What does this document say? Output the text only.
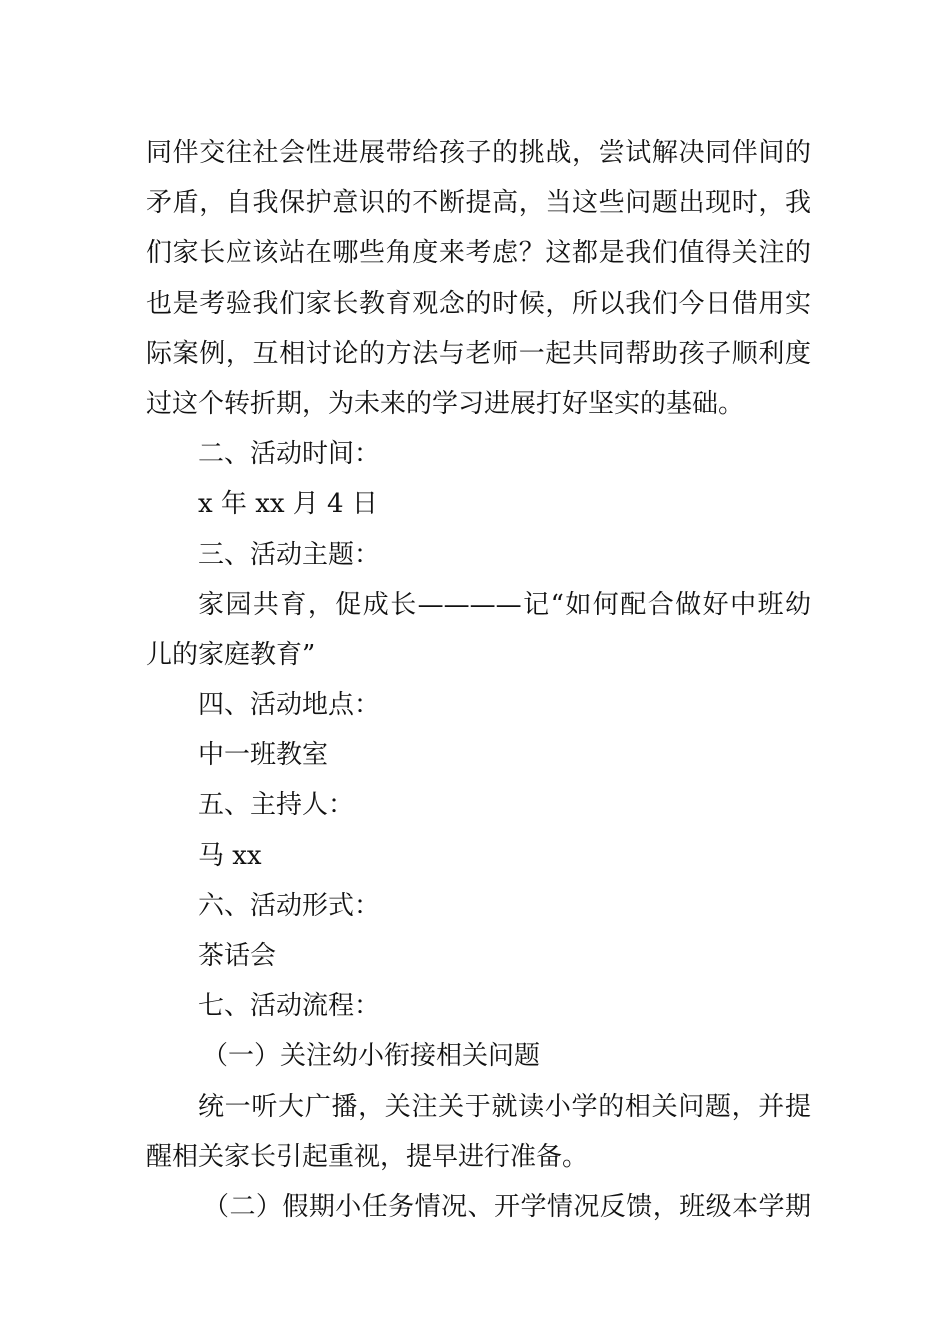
同伴交往社会性进展带给孩子的挑战，尝试解决同伴间的
矛盾，自我保护意识的不断提高，当这些问题出现时，我
们家长应该站在哪些角度来考虑？这都是我们值得关注的
也是考验我们家长教育观念的时候，所以我们今日借用实
际案例，互相讨论的方法与老师一起共同帮助孩子顺利度
过这个转折期，为未来的学习进展打好坚实的基础。
二、活动时间：
x 年 xx 月 4 日
三、活动主题：
家园共育，促成长————记“如何配合做好中班幼
儿的家庭教育”
四、活动地点：
中一班教室
五、主持人：
马 xx
六、活动形式：
茶话会
七、活动流程：
（一）关注幼小衔接相关问题
统一听大广播，关注关于就读小学的相关问题，并提
醒相关家长引起重视，提早进行准备。
（二）假期小任务情况、开学情况反馈，班级本学期
